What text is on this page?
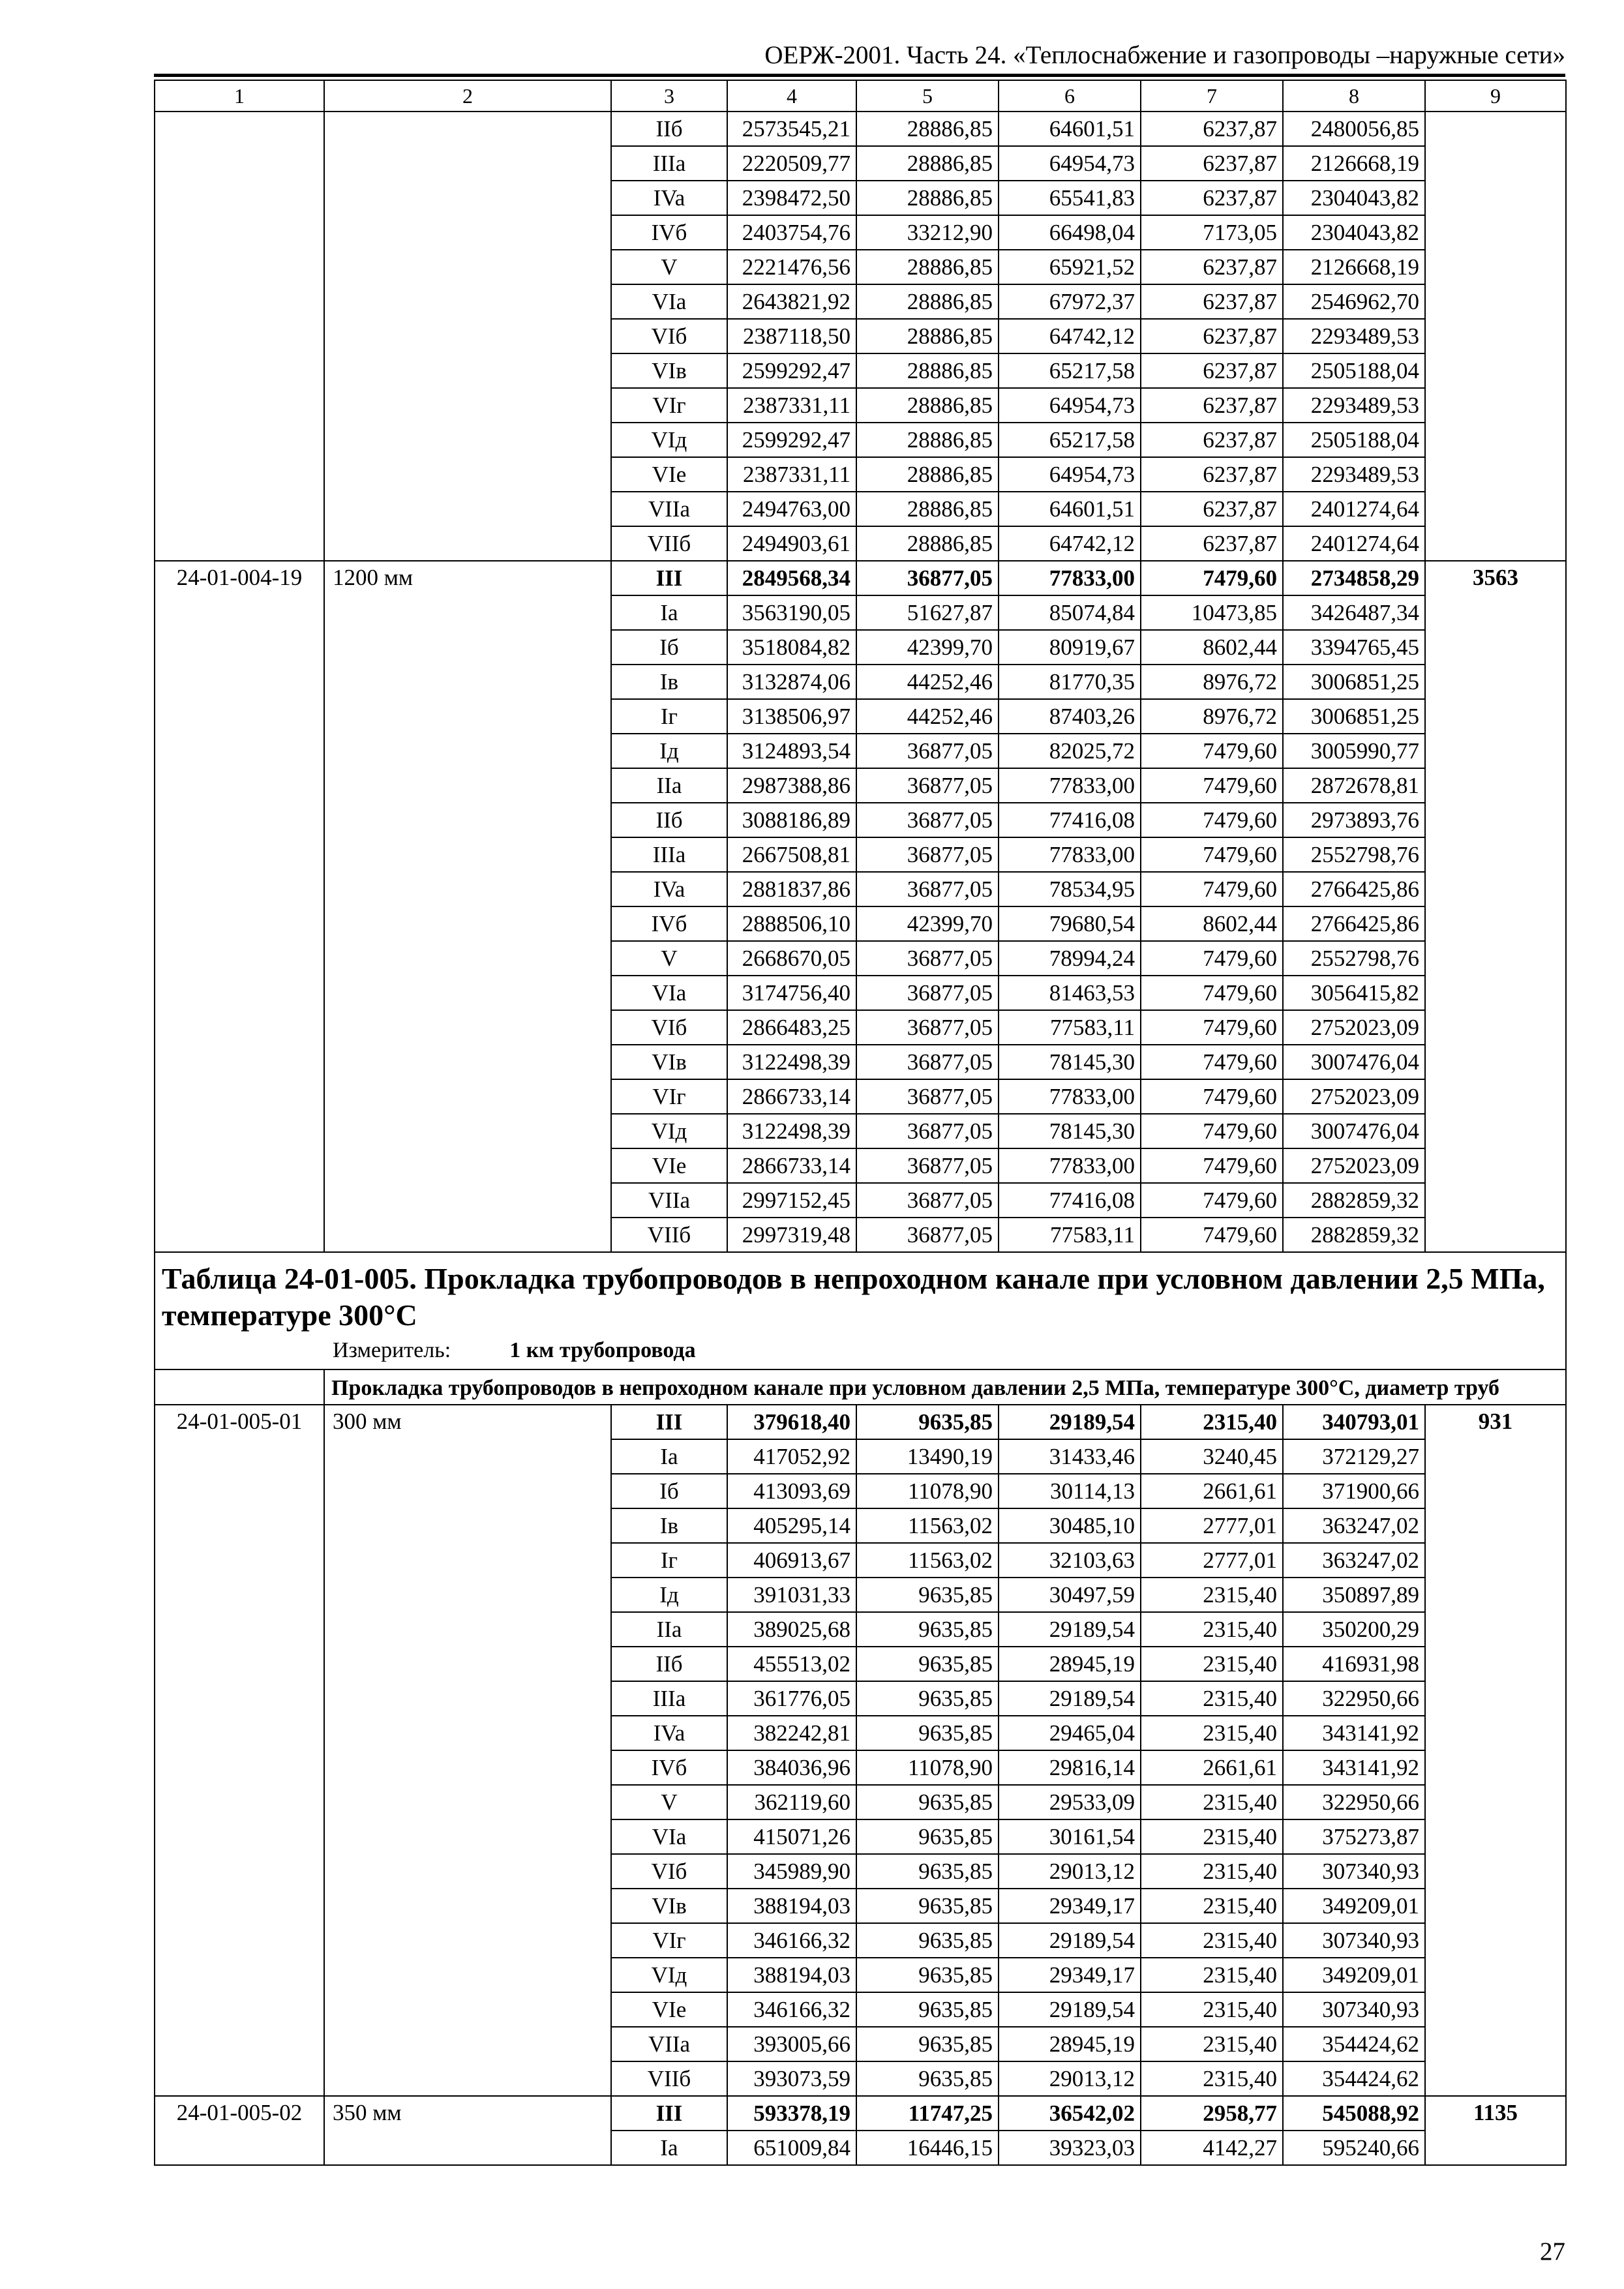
ОЕРЖ-2001. Часть 24. «Теплоснабжение и газопроводы –наружные сети»
1	2	3	4	5	6	7	8	9
		IIб	2573545,21	28886,85	64601,51	6237,87	2480056,85	
		IIIa	2220509,77	28886,85	64954,73	6237,87	2126668,19	
		IVa	2398472,50	28886,85	65541,83	6237,87	2304043,82	
		IVб	2403754,76	33212,90	66498,04	7173,05	2304043,82	
		V	2221476,56	28886,85	65921,52	6237,87	2126668,19	
		VIa	2643821,92	28886,85	67972,37	6237,87	2546962,70	
		VIб	2387118,50	28886,85	64742,12	6237,87	2293489,53	
		VIв	2599292,47	28886,85	65217,58	6237,87	2505188,04	
		VIг	2387331,11	28886,85	64954,73	6237,87	2293489,53	
		VIд	2599292,47	28886,85	65217,58	6237,87	2505188,04	
		VIe	2387331,11	28886,85	64954,73	6237,87	2293489,53	
		VIIa	2494763,00	28886,85	64601,51	6237,87	2401274,64	
		VIIб	2494903,61	28886,85	64742,12	6237,87	2401274,64	
24-01-004-19	1200 мм	III	2849568,34	36877,05	77833,00	7479,60	2734858,29	3563
		Ia	3563190,05	51627,87	85074,84	10473,85	3426487,34	
		Iб	3518084,82	42399,70	80919,67	8602,44	3394765,45	
		Iв	3132874,06	44252,46	81770,35	8976,72	3006851,25	
		Iг	3138506,97	44252,46	87403,26	8976,72	3006851,25	
		Iд	3124893,54	36877,05	82025,72	7479,60	3005990,77	
		IIa	2987388,86	36877,05	77833,00	7479,60	2872678,81	
		IIб	3088186,89	36877,05	77416,08	7479,60	2973893,76	
		IIIa	2667508,81	36877,05	77833,00	7479,60	2552798,76	
		IVa	2881837,86	36877,05	78534,95	7479,60	2766425,86	
		IVб	2888506,10	42399,70	79680,54	8602,44	2766425,86	
		V	2668670,05	36877,05	78994,24	7479,60	2552798,76	
		VIa	3174756,40	36877,05	81463,53	7479,60	3056415,82	
		VIб	2866483,25	36877,05	77583,11	7479,60	2752023,09	
		VIв	3122498,39	36877,05	78145,30	7479,60	3007476,04	
		VIг	2866733,14	36877,05	77833,00	7479,60	2752023,09	
		VIд	3122498,39	36877,05	78145,30	7479,60	3007476,04	
		VIe	2866733,14	36877,05	77833,00	7479,60	2752023,09	
		VIIa	2997152,45	36877,05	77416,08	7479,60	2882859,32	
		VIIб	2997319,48	36877,05	77583,11	7479,60	2882859,32	
Таблица 24-01-005. Прокладка трубопроводов в непроходном канале при условном давлении 2,5 МПа, температуре 300°С
Измеритель: 1 км трубопровода								

	Прокладка трубопроводов в непроходном канале при условном давлении 2,5 МПа, температуре 300°С, диаметр труб							
24-01-005-01	300 мм	III	379618,40	9635,85	29189,54	2315,40	340793,01	931
		Ia	417052,92	13490,19	31433,46	3240,45	372129,27	
		Iб	413093,69	11078,90	30114,13	2661,61	371900,66	
		Iв	405295,14	11563,02	30485,10	2777,01	363247,02	
		Iг	406913,67	11563,02	32103,63	2777,01	363247,02	
		Iд	391031,33	9635,85	30497,59	2315,40	350897,89	
		IIa	389025,68	9635,85	29189,54	2315,40	350200,29	
		IIб	455513,02	9635,85	28945,19	2315,40	416931,98	
		IIIa	361776,05	9635,85	29189,54	2315,40	322950,66	
		IVa	382242,81	9635,85	29465,04	2315,40	343141,92	
		IVб	384036,96	11078,90	29816,14	2661,61	343141,92	
		V	362119,60	9635,85	29533,09	2315,40	322950,66	
		VIa	415071,26	9635,85	30161,54	2315,40	375273,87	
		VIб	345989,90	9635,85	29013,12	2315,40	307340,93	
		VIв	388194,03	9635,85	29349,17	2315,40	349209,01	
		VIг	346166,32	9635,85	29189,54	2315,40	307340,93	
		VIд	388194,03	9635,85	29349,17	2315,40	349209,01	
		VIe	346166,32	9635,85	29189,54	2315,40	307340,93	
		VIIa	393005,66	9635,85	28945,19	2315,40	354424,62	
		VIIб	393073,59	9635,85	29013,12	2315,40	354424,62	
24-01-005-02	350 мм	III	593378,19	11747,25	36542,02	2958,77	545088,92	1135
		Ia	651009,84	16446,15	39323,03	4142,27	595240,66	
27
